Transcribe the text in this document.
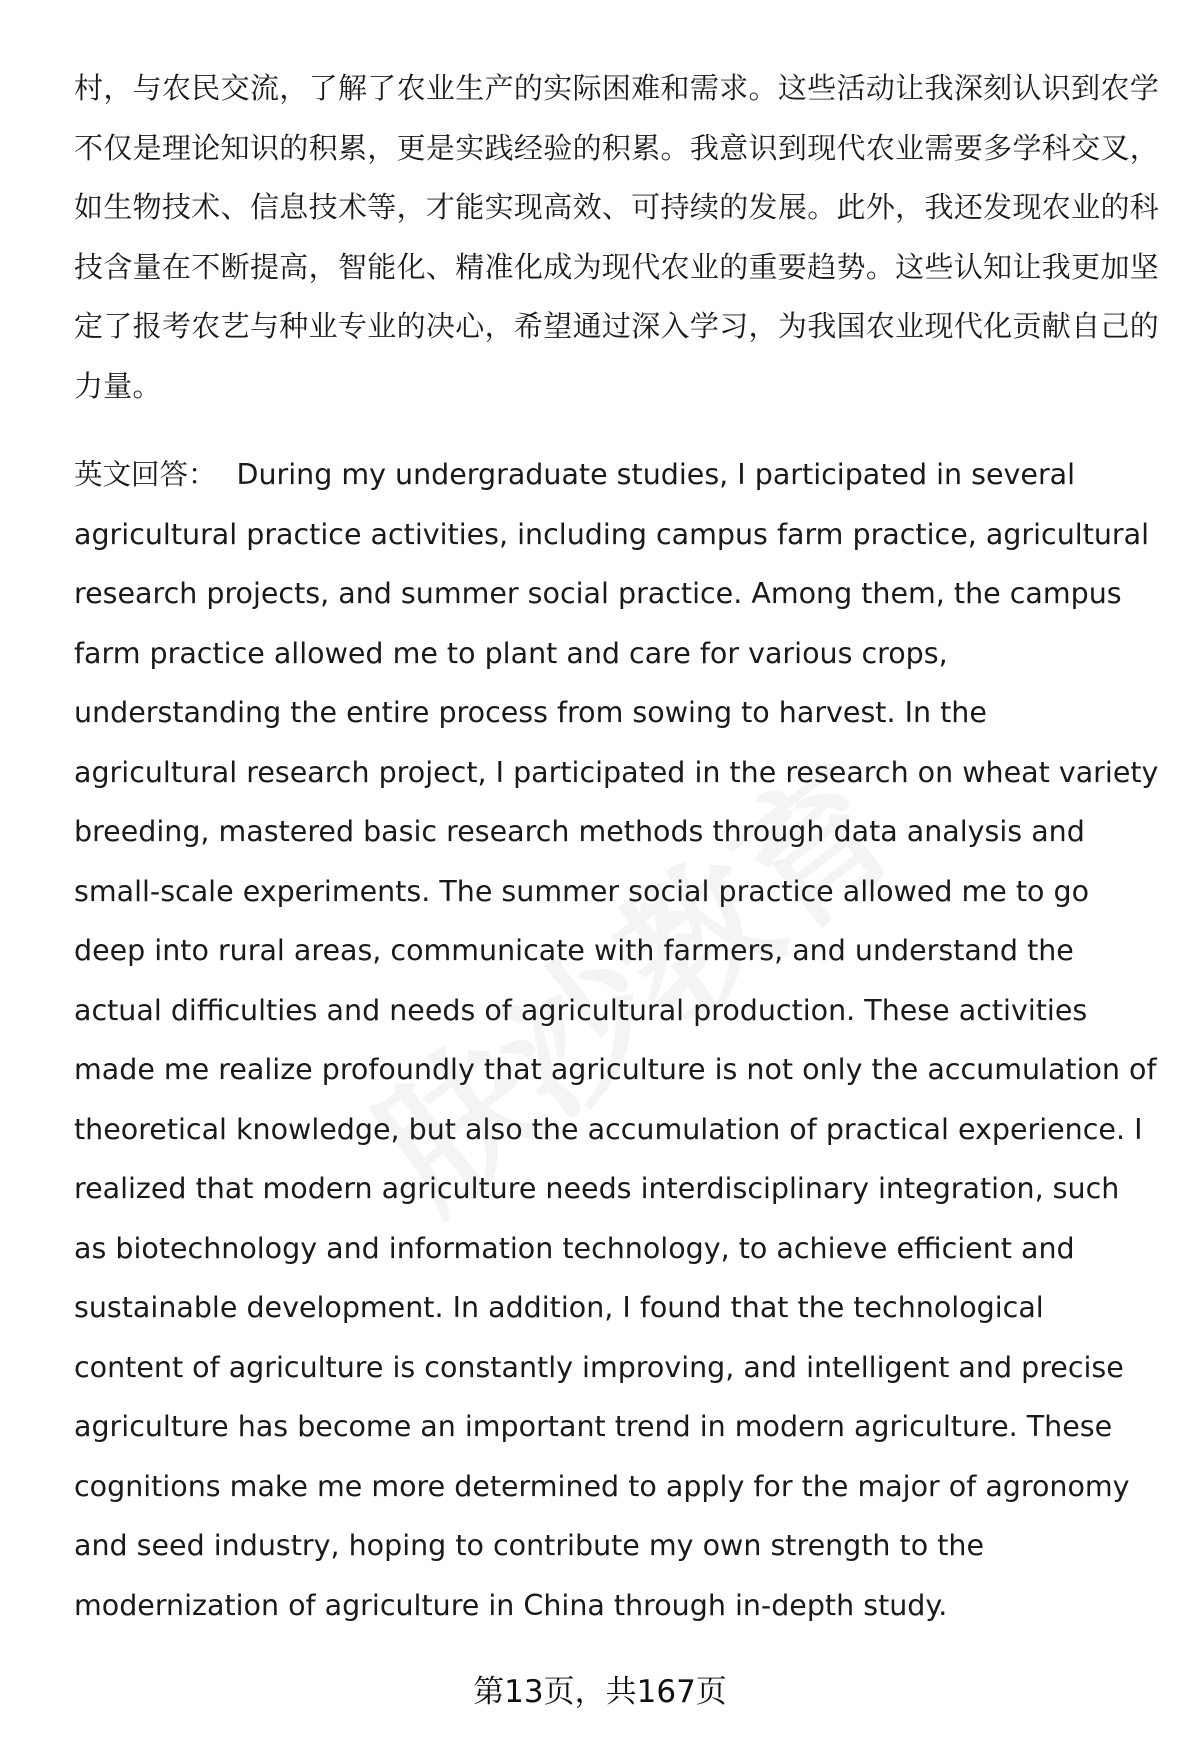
村，与农民交流，了解了农业生产的实际困难和需求。这些活动让我深刻认识到农学不仅是理论知识的积累，更是实践经验的积累。我意识到现代农业需要多学科交叉，如生物技术、信息技术等，才能实现高效、可持续的发展。此外，我还发现农业的科技含量在不断提高，智能化、精准化成为现代农业的重要趋势。这些认知让我更加坚定了报考农艺与种业专业的决心，希望通过深入学习，为我国农业现代化贡献自己的力量。

英文回答： During my undergraduate studies, I participated in several agricultural practice activities, including campus farm practice, agricultural research projects, and summer social practice. Among them, the campus farm practice allowed me to plant and care for various crops, understanding the entire process from sowing to harvest. In the agricultural research project, I participated in the research on wheat variety breeding, mastered basic research methods through data analysis and small-scale experiments. The summer social practice allowed me to go deep into rural areas, communicate with farmers, and understand the actual difficulties and needs of agricultural production. These activities made me realize profoundly that agriculture is not only the accumulation of theoretical knowledge, but also the accumulation of practical experience. I realized that modern agriculture needs interdisciplinary integration, such as biotechnology and information technology, to achieve efficient and sustainable development. In addition, I found that the technological content of agriculture is constantly improving, and intelligent and precise agriculture has become an important trend in modern agriculture. These cognitions make me more determined to apply for the major of agronomy and seed industry, hoping to contribute my own strength to the modernization of agriculture in China through in-depth study.

第13页，共167页
